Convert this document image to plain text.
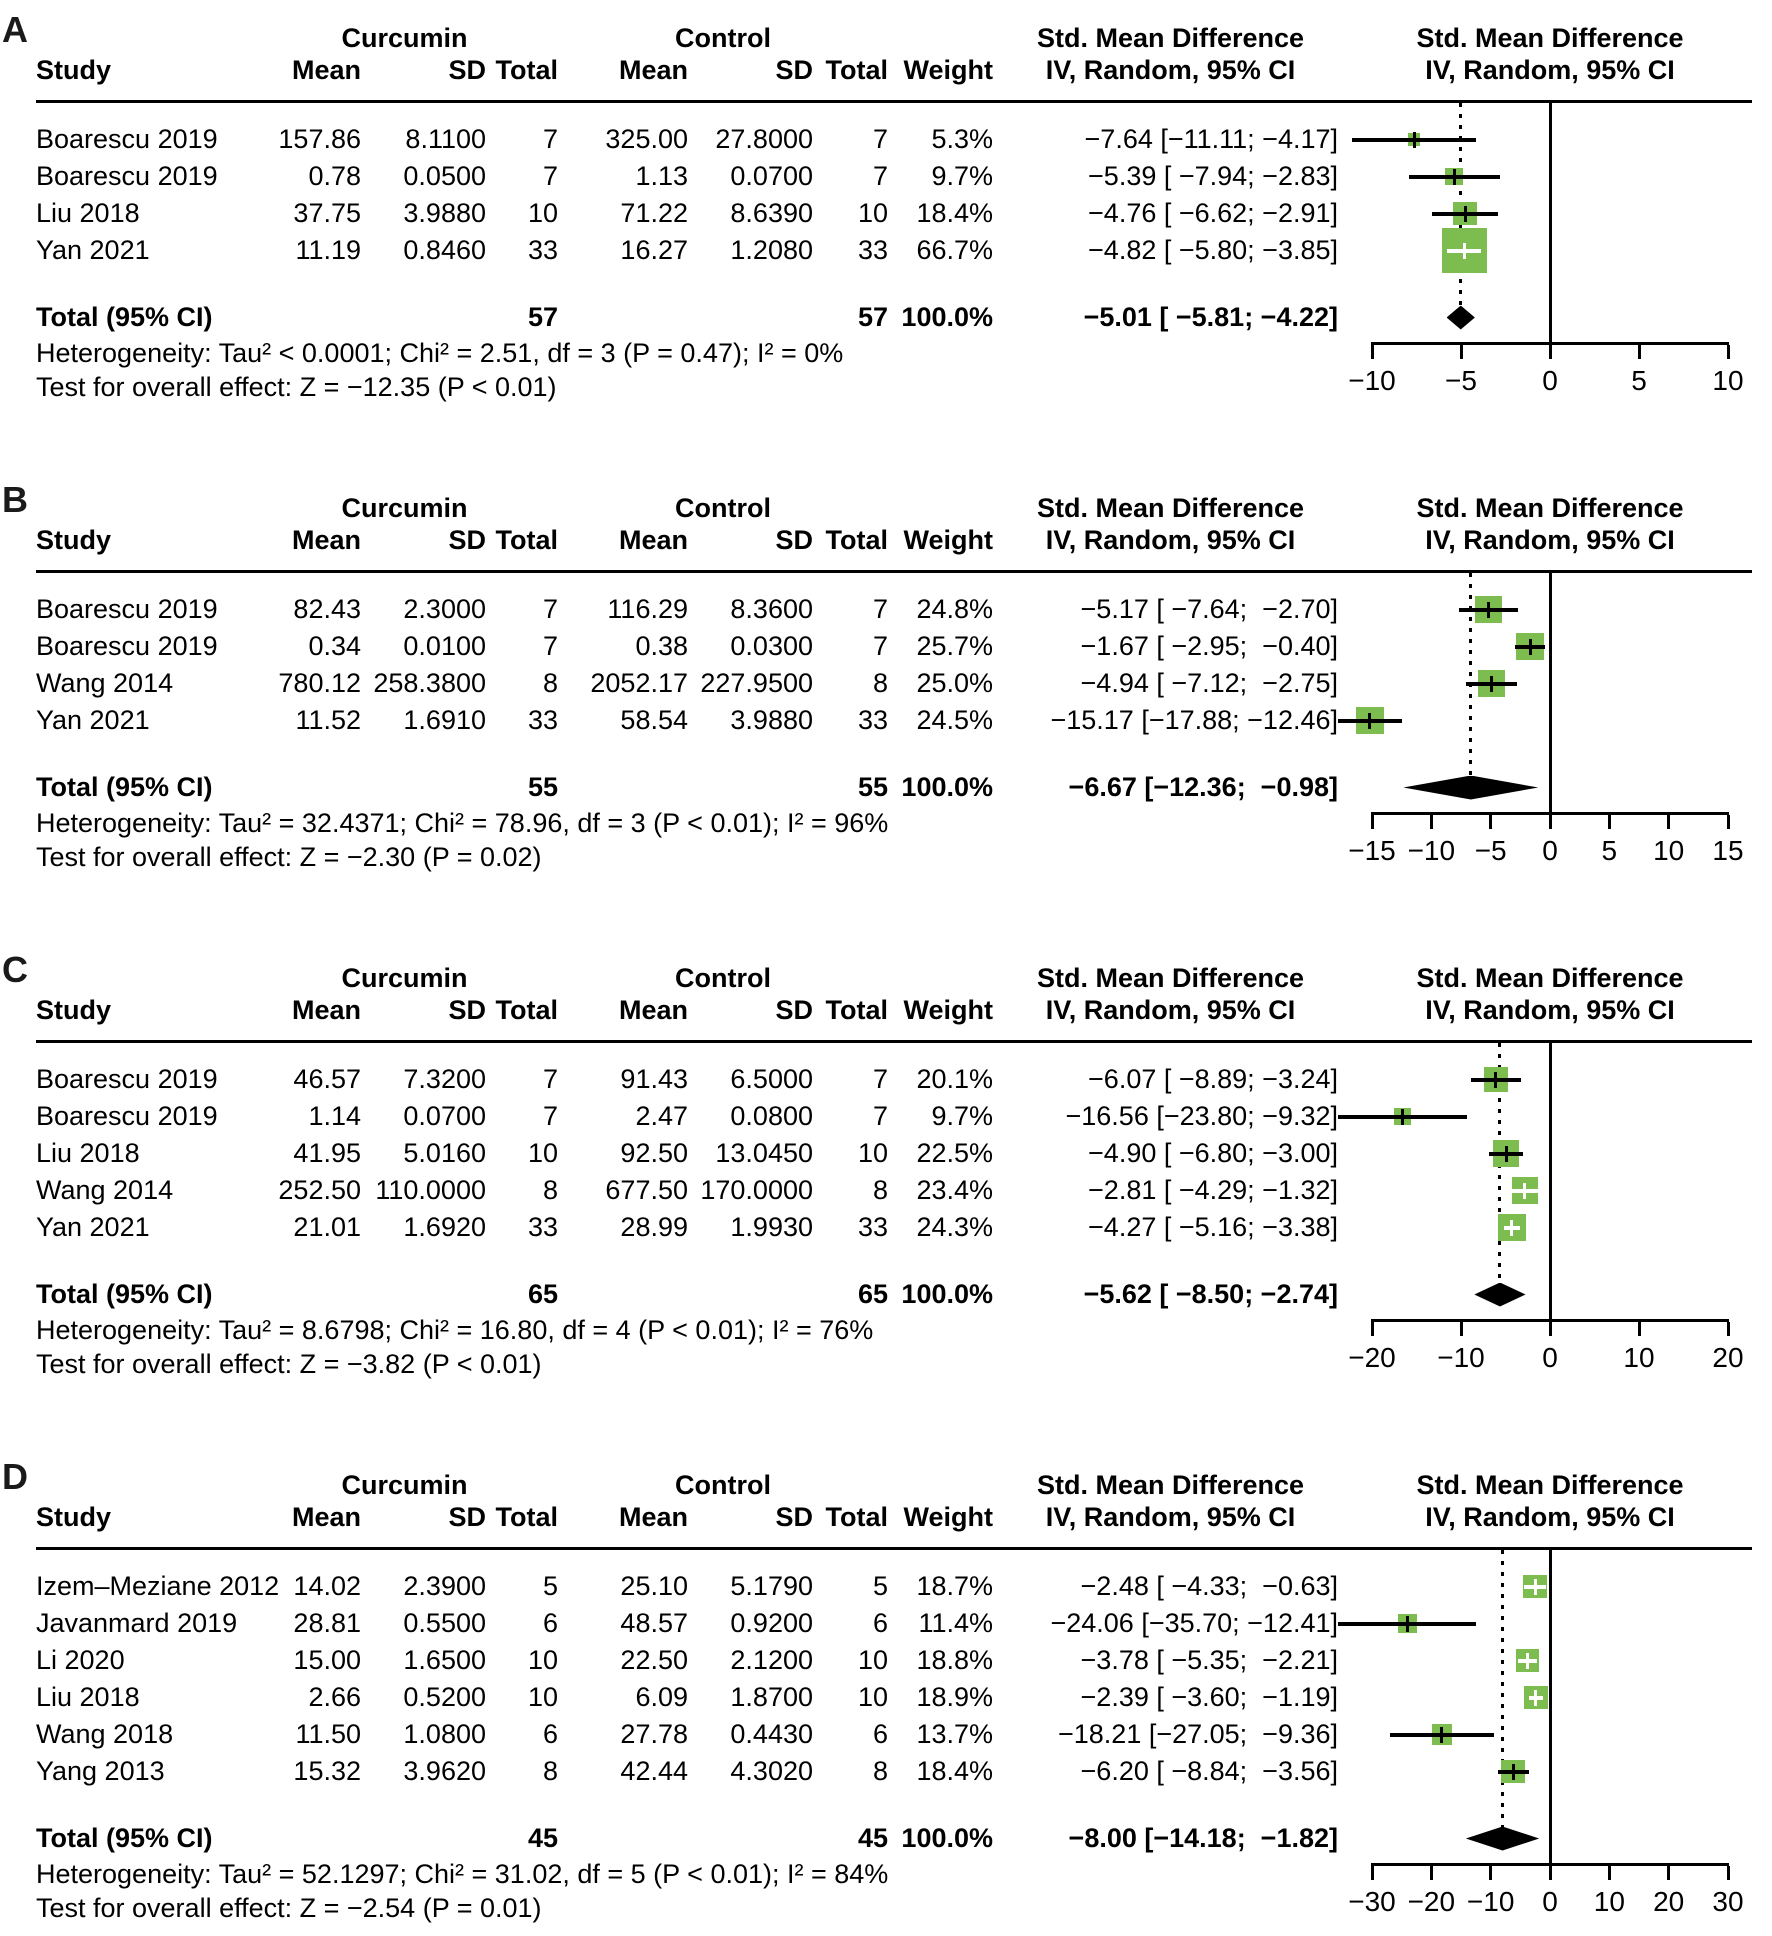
A	Curcumin	Control	Std. Mean Difference
Study	Mean	SD Total	Mean	SD Total Weight	IV, Random, 95% CI
Std. Mean Difference
IV, Random, 95% CI
Boarescu 2019	157.86	8.1100	7	325.00	27.8000	7	5.3%	−7.64 [−11.11; −4.17]
Boarescu 2019	0.78	0.0500	7	1.13	0.0700	7	9.7%	−5.39 [ −7.94; −2.83]
Liu 2018	37.75	3.9880	10	71.22	8.6390	10	18.4%	−4.76 [ −6.62; −2.91]
Yan 2021	11.19	0.8460	33	16.27	1.2080	33	66.7%	−4.82 [ −5.80; −3.85]
Total (95% CI)	57	57 100.0%	−5.01 [ −5.81; −4.22]
Heterogeneity: Tau² < 0.0001; Chi² = 2.51, df = 3 (P = 0.47); I² = 0%
Test for overall effect: Z = −12.35 (P < 0.01)	−10	−5	0	5	10
B	Curcumin	Control	Std. Mean Difference
Study	Mean	SD Total	Mean	SD Total Weight	IV, Random, 95% CI
Std. Mean Difference
IV, Random, 95% CI
Boarescu 2019	82.43	2.3000	7	116.29	8.3600	7	24.8%	−5.17 [ −7.64;  −2.70]
Boarescu 2019	0.34	0.0100	7	0.38	0.0300	7	25.7%	−1.67 [ −2.95;  −0.40]
Wang 2014	780.12 258.3800	8	2052.17 227.9500	8	25.0%	−4.94 [ −7.12;  −2.75]
Yan 2021	11.52	1.6910	33	58.54	3.9880	33	24.5%	−15.17 [−17.88; −12.46]
Total (95% CI)	55	55 100.0%	−6.67 [−12.36;  −0.98]
Heterogeneity: Tau² = 32.4371; Chi² = 78.96, df = 3 (P < 0.01); I² = 96%
Test for overall effect: Z = −2.30 (P = 0.02)	−15 −10 −5	0	5	10	15
C	Curcumin	Control	Std. Mean Difference
Study	Mean	SD Total	Mean	SD Total Weight	IV, Random, 95% CI
Std. Mean Difference
IV, Random, 95% CI
Boarescu 2019	46.57	7.3200	7	91.43	6.5000	7	20.1%	−6.07 [ −8.89; −3.24]
Boarescu 2019	1.14	0.0700	7	2.47	0.0800	7	9.7%	−16.56 [−23.80; −9.32]
Liu 2018	41.95	5.0160	10	92.50	13.0450	10	22.5%	−4.90 [ −6.80; −3.00]
Wang 2014	252.50 110.0000	8	677.50 170.0000	8	23.4%	−2.81 [ −4.29; −1.32]
Yan 2021	21.01	1.6920	33	28.99	1.9930	33	24.3%	−4.27 [ −5.16; −3.38]
Total (95% CI)	65	65 100.0%	−5.62 [ −8.50; −2.74]
Heterogeneity: Tau² = 8.6798; Chi² = 16.80, df = 4 (P < 0.01); I² = 76%
Test for overall effect: Z = −3.82 (P < 0.01)	−20	−10	0	10	20
D	Curcumin	Control	Std. Mean Difference
Study	Mean	SD Total	Mean	SD Total Weight	IV, Random, 95% CI
Std. Mean Difference
IV, Random, 95% CI
Izem–Meziane 2012 14.02	2.3900	5	25.10	5.1790	5	18.7%	−2.48 [ −4.33;  −0.63]
Javanmard 2019	28.81	0.5500	6	48.57	0.9200	6	11.4%	−24.06 [−35.70; −12.41]
Li 2020	15.00	1.6500	10	22.50	2.1200	10	18.8%	−3.78 [ −5.35;  −2.21]
Liu 2018	2.66	0.5200	10	6.09	1.8700	10	18.9%	−2.39 [ −3.60;  −1.19]
Wang 2018	11.50	1.0800	6	27.78	0.4430	6	13.7%	−18.21 [−27.05;  −9.36]
Yang 2013	15.32	3.9620	8	42.44	4.3020	8	18.4%	−6.20 [ −8.84;  −3.56]
Total (95% CI)	45	45 100.0%	−8.00 [−14.18;  −1.82]
Heterogeneity: Tau² = 52.1297; Chi² = 31.02, df = 5 (P < 0.01); I² = 84%
Test for overall effect: Z = −2.54 (P = 0.01)	−30 −20 −10 0	10	20	30
